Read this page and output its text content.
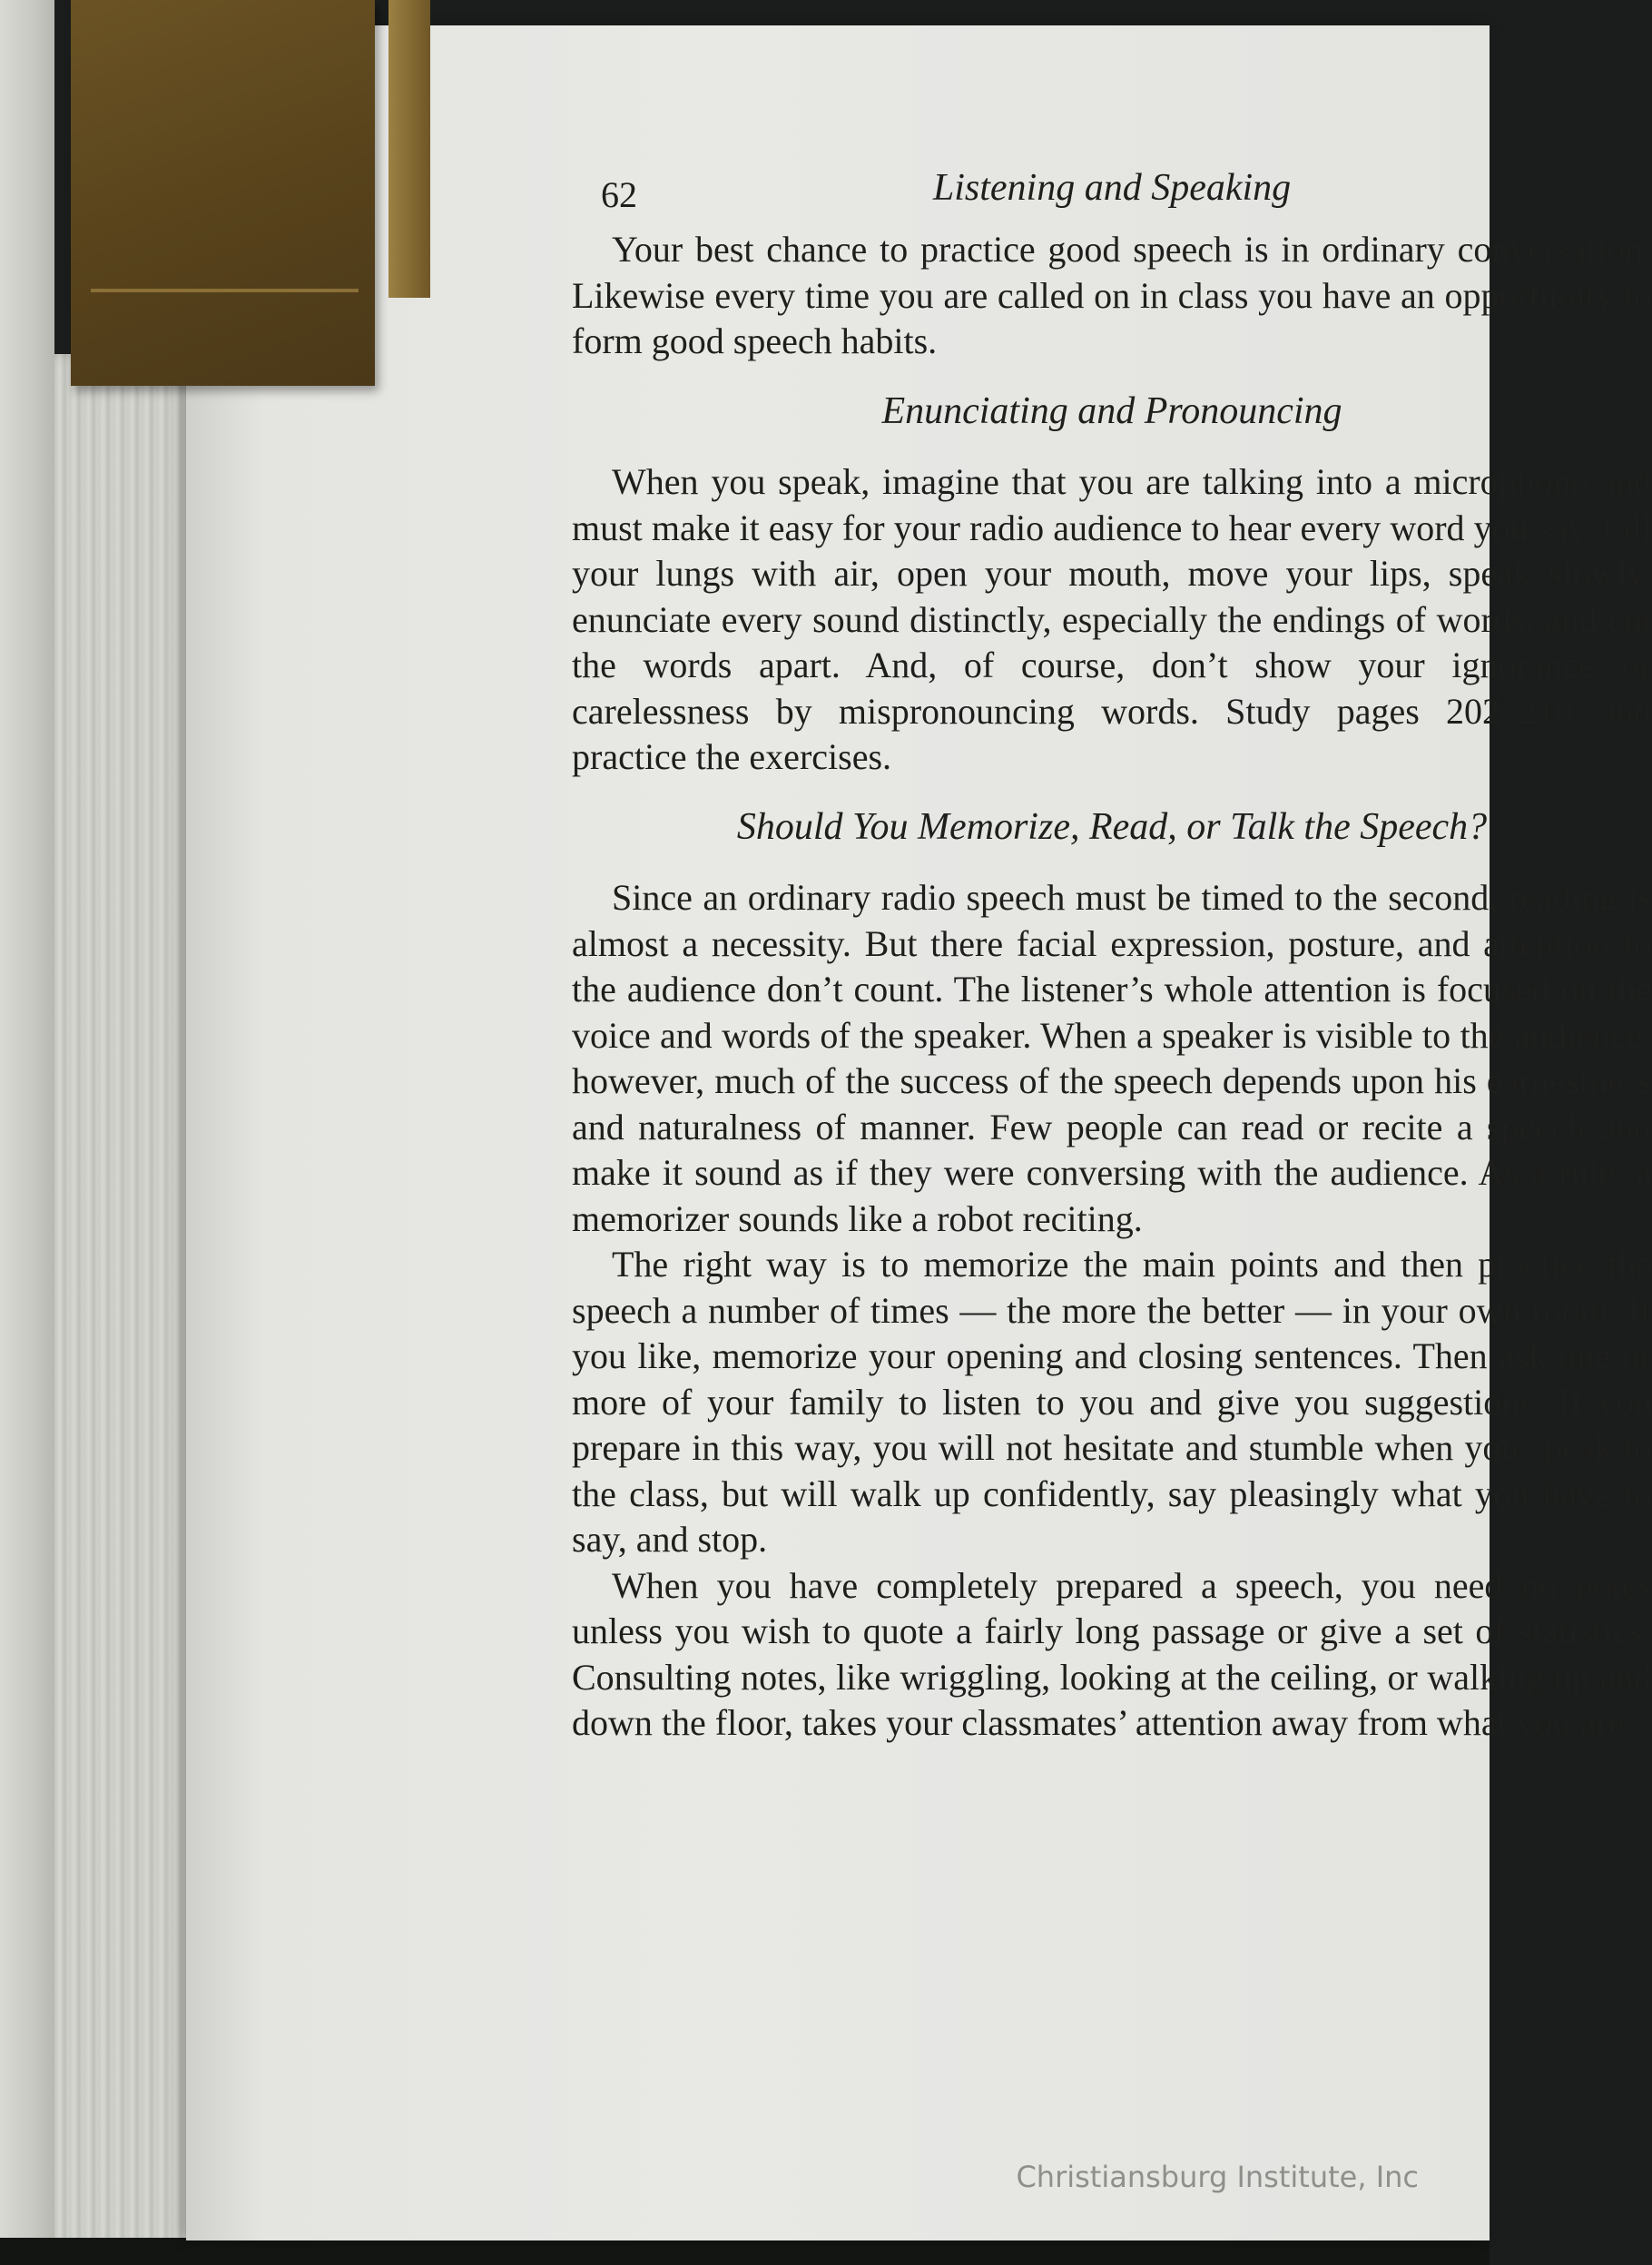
62	Listening and Speaking

Your best chance to practice good speech is in ordinary conversation. Likewise every time you are called on in class you have an opportunity to form good speech habits.

Enunciating and Pronouncing

When you speak, imagine that you are talking into a microphone and must make it easy for your radio audience to hear every word you say. Fill your lungs with air, open your mouth, move your lips, speak slowly, enunciate every sound distinctly, especially the endings of words, and cut the words apart. And, of course, don’t show your ignorance or carelessness by mispronouncing words. Study pages 202–210 and practice the exercises.

Should You Memorize, Read, or Talk the Speech?

Since an ordinary radio speech must be timed to the second, reading is almost a necessity. But there facial expression, posture, and attention to the audience don’t count. The listener’s whole attention is focused on the voice and words of the speaker. When a speaker is visible to the audience, however, much of the success of the speech depends upon his earnestness and naturalness of manner. Few people can read or recite a speech and make it sound as if they were conversing with the audience. As a rule, a memorizer sounds like a robot reciting.

The right way is to memorize the main points and then practice the speech a number of times — the more the better — in your own room. If you like, memorize your opening and closing sentences. Then ask one or more of your family to listen to you and give you suggestions. If you prepare in this way, you will not hesitate and stumble when you speak to the class, but will walk up confidently, say pleasingly what you have to say, and stop.

When you have completely prepared a speech, you need no notes unless you wish to quote a fairly long passage or give a set of statistics. Consulting notes, like wriggling, looking at the ceiling, or walking up and down the floor, takes your classmates’ attention away from what you are

Christiansburg Institute, Inc
